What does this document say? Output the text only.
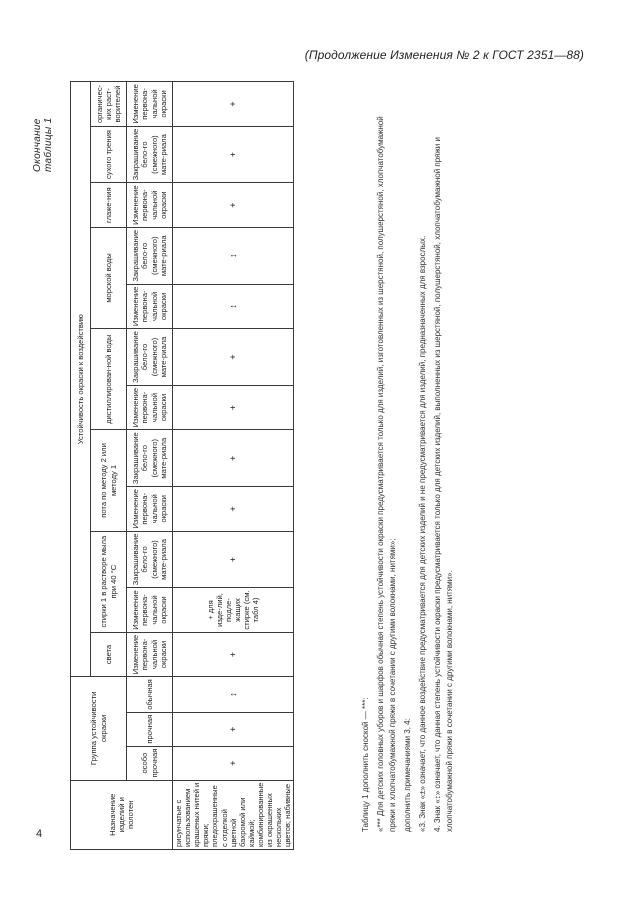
(Продолжение Изменения № 2 к ГОСТ 2351—88)
4
Окончание таблицы 1
Назначение изделий и полотен	Группа устойчивости окраски			Устойчивость окраски к воздействию											
				света	стирки 1 в растворе мыла при 40 °С		пота по методу 2 или методу 1		дистиллирован-ной воды		морской воды		глаже-ния	сухого трения	органичес-ких раст-ворителей
	особо прочная	прочная	обычная	Изменение первона-чальной окраски	Изменение первона-чальной окраски	Закрашивание бело-го (смежного) мате-риала	Изменение первона-чальной окраски	Закрашивание бело-го (смежного) мате-риала	Изменение первона-чальной окраски	Закрашивание бело-го (смежного) мате-риала	Изменение первона-чальной окраски	Закрашивание бело-го (смежного) мате-риала	Изменение первона-чальной окраски	Закрашивание бело-го (смежного) мате-риала	Изменение первона-чальной окраски
рисунчатые с использованием крашеных нитей и пряжи; пледохрашенные с отделкой цветной бахромой или каймой; комбинированные из окрашенных нескольких цветов; набивные	+	+	↕	+	+ для изде-лий, подле-жащих стирке (см. табл 4)	+	+	+	+	+	↕	↕	+	+	+

Таблицу 1 дополнить сноской — ***: «*** Для детских головных уборов и шарфов обычная степень устойчивости окраски предусматривается только для изделий, изготовленных из шерстяной, полушерстяной, хлопчатобумажной пряжи и хлопчатобумажной пряжи в сочетании с другими волокнами, нитями»; дополнить примечаниями 3, 4: «3. Знак «±» означает, что данное воздействие предусматривается для детских изделий и не предусматривается для изделий, предназначенных для взрослых. 4. Знак «↕» означает, что данная степень устойчивости окраски предусматривается только для детских изделий, выполненных из шерстяной, полушерстяной, хлопчатобумажной пряжи и хлопчатобумажной пряжи в сочетании с другими волокнами, нитями».
